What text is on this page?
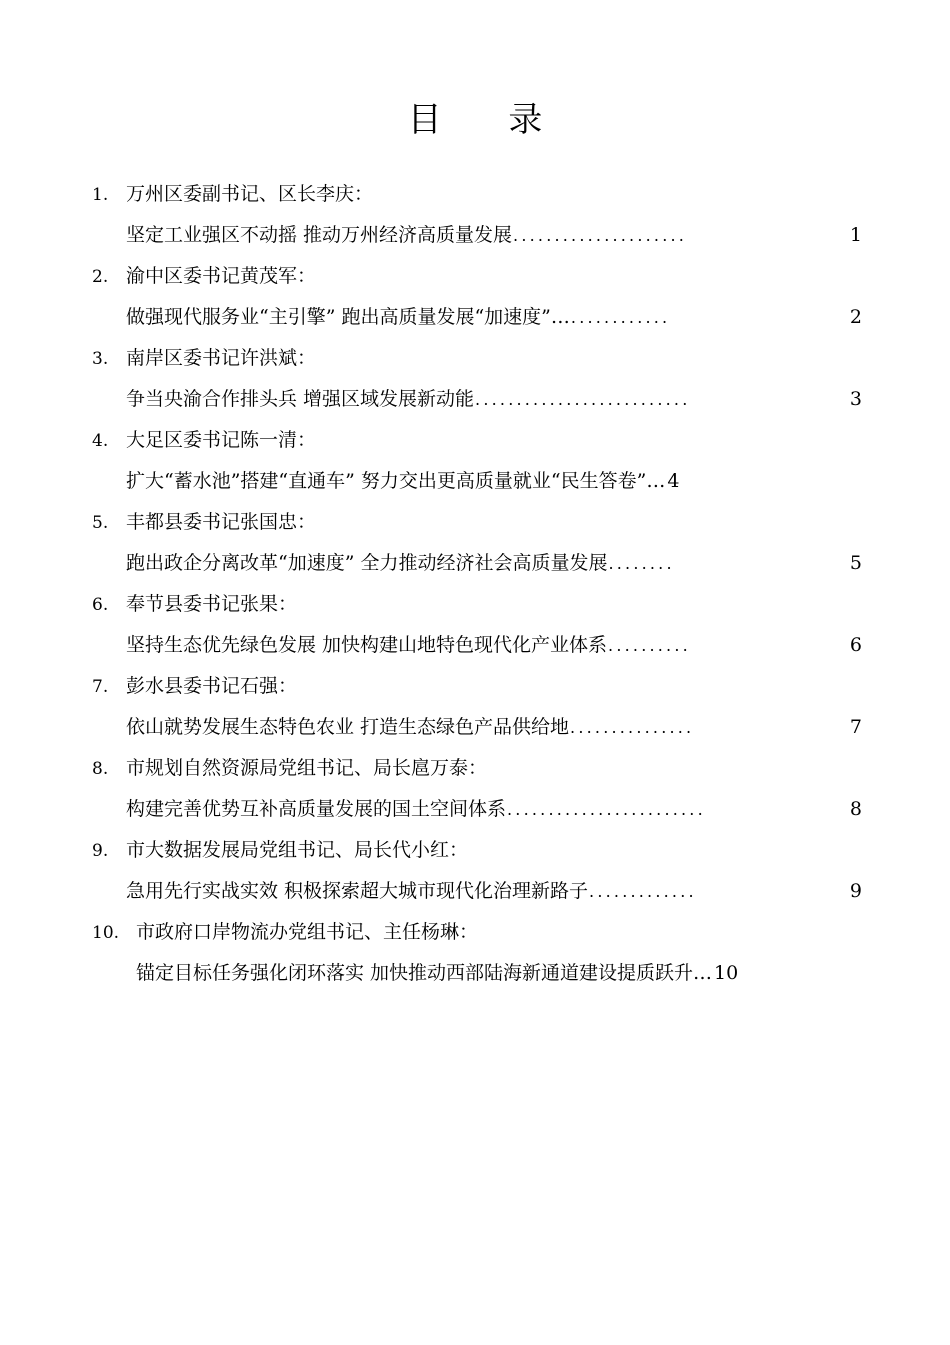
目 录
1. 万州区委副书记、区长李庆：
坚定工业强区不动摇 推动万州经济高质量发展 .....................	1
2. 渝中区委书记黄茂军：
做强现代服务业“主引擎” 跑出高质量发展“加速度” … ............	2
3. 南岸区委书记许洪斌：
争当央渝合作排头兵 增强区域发展新动能 ..........................	3
4. 大足区委书记陈一清：
扩大“蓄水池”搭建“直通车” 努力交出更高质量就业“民生答卷” … 4
5. 丰都县委书记张国忠：
跑出政企分离改革“加速度” 全力推动经济社会高质量发展 ........	5
6. 奉节县委书记张果：
坚持生态优先绿色发展 加快构建山地特色现代化产业体系 ..........	6
7. 彭水县委书记石强：
依山就势发展生态特色农业 打造生态绿色产品供给地 ...............	7
8. 市规划自然资源局党组书记、局长扈万泰：
构建完善优势互补高质量发展的国土空间体系 ........................	8
9. 市大数据发展局党组书记、局长代小红：
急用先行实战实效 积极探索超大城市现代化治理新路子 .............	9
10. 市政府口岸物流办党组书记、主任杨琳：
锚定目标任务强化闭环落实 加快推动西部陆海新通道建设提质跃升 … 10
